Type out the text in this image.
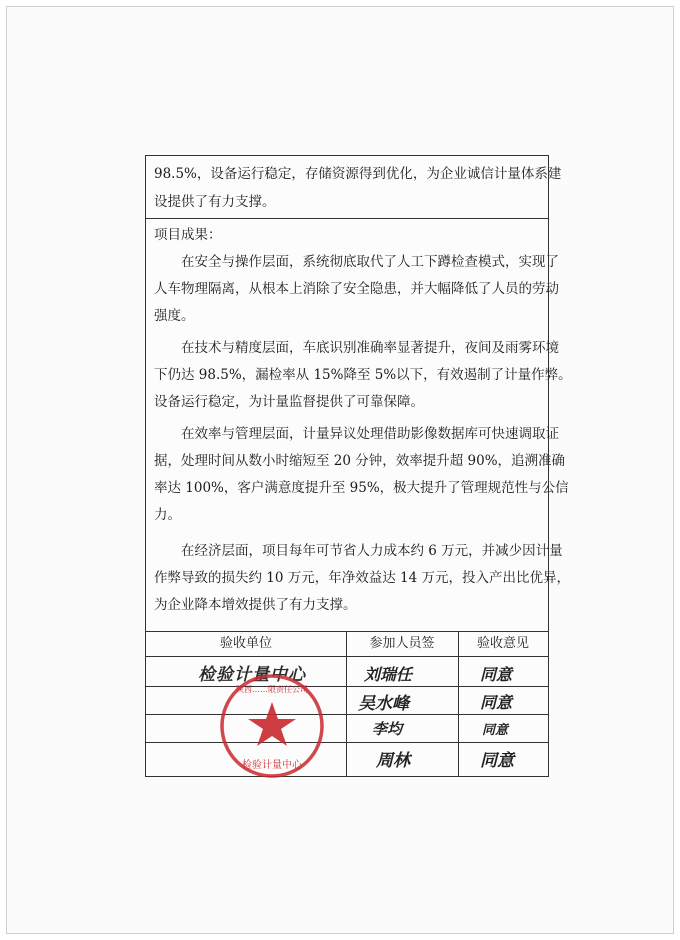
98.5%，设备运行稳定，存储资源得到优化，为企业诚信计量体系建

设提供了有力支撑。

项目成果：
　　在安全与操作层面，系统彻底取代了人工下蹲检查模式，实现了
人车物理隔离，从根本上消除了安全隐患，并大幅降低了人员的劳动
强度。
　　在技术与精度层面，车底识别准确率显著提升，夜间及雨雾环境
下仍达 98.5%，漏检率从 15%降至 5%以下，有效遏制了计量作弊。
设备运行稳定，为计量监督提供了可靠保障。
　　在效率与管理层面，计量异议处理借助影像数据库可快速调取证
据，处理时间从数小时缩短至 20 分钟，效率提升超 90%，追溯准确
率达 100%，客户满意度提升至 95%，极大提升了管理规范性与公信
力。
　　在经济层面，项目每年可节省人力成本约 6 万元，并减少因计量
作弊导致的损失约 10 万元，年净效益达 14 万元，投入产出比优异，
为企业降本增效提供了有力支撑。
验收单位	参加人员签	验收意见
检验计量中心
检验计量中心
陕西……限责任公司
刘瑞任
吴水峰
李均
周林
同意
同意
同意
同意
